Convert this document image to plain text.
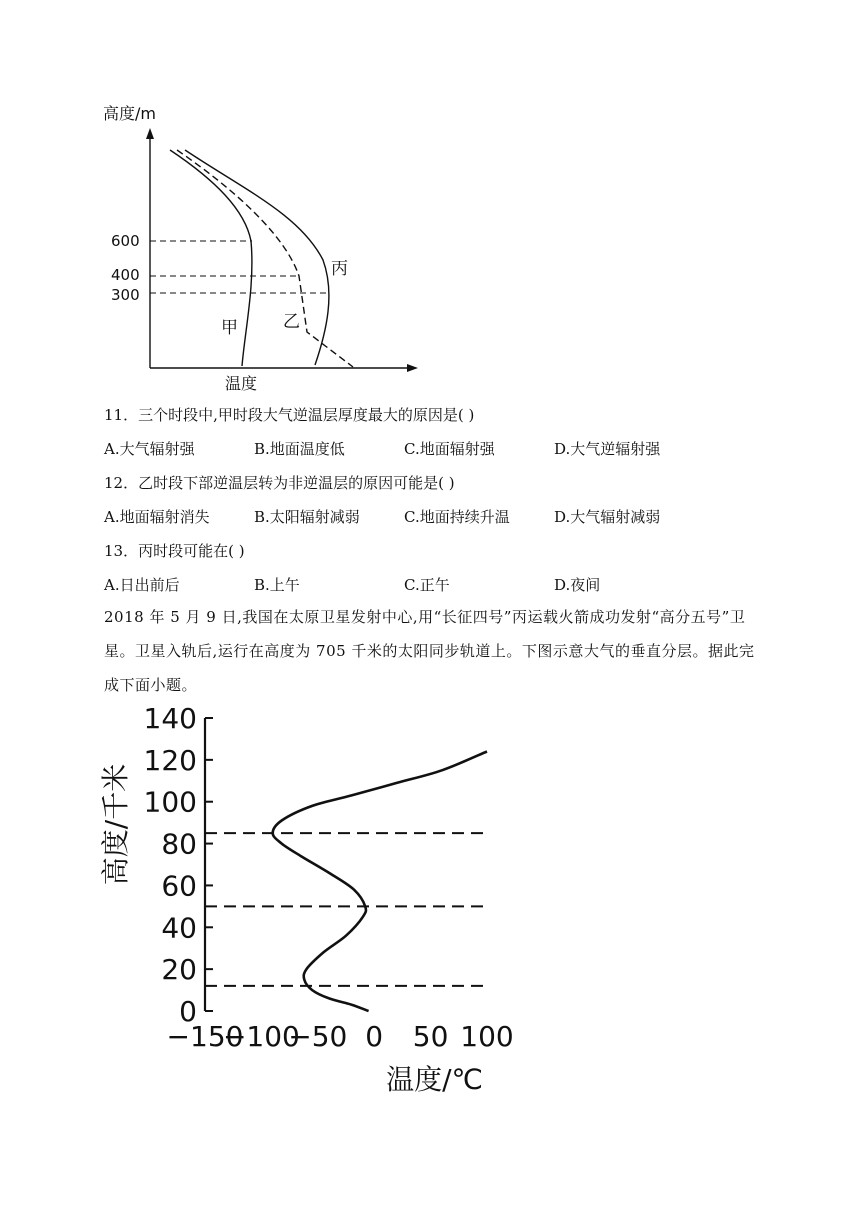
高度/m
600
400
300
甲	乙
丙
温度
11．三个时段中,甲时段大气逆温层厚度最大的原因是( )
A.大气辐射强	B.地面温度低	C.地面辐射强	D.大气逆辐射强
12．乙时段下部逆温层转为非逆温层的原因可能是( )
A.地面辐射消失	B.太阳辐射减弱	C.地面持续升温	D.大气辐射减弱
13．丙时段可能在( )
A.日出前后	B.上午	C.正午	D.夜间
2018 年 5 月 9 日,我国在太原卫星发射中心,用“长征四号”丙运载火箭成功发射“高分五号”卫星。卫星入轨后,运行在高度为 705 千米的太阳同步轨道上。下图示意大气的垂直分层。据此完成下面小题。
0
20
40
60
80
100
120
140
−150
−100
−50 0 50 100
温度/℃
高度/千米
